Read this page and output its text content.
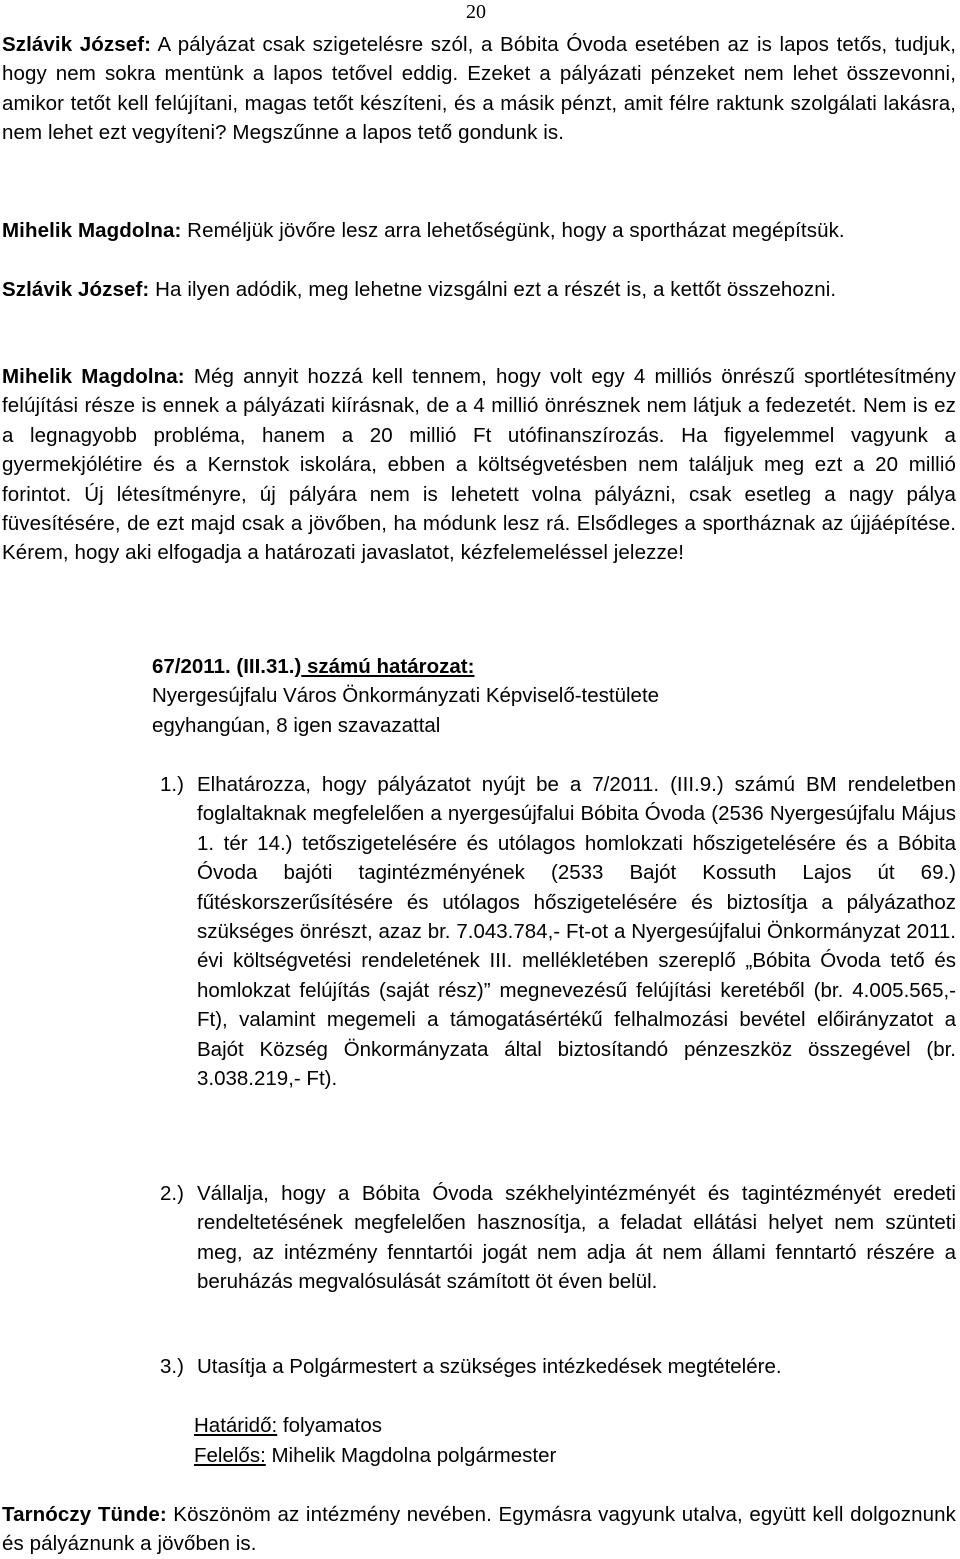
20
Szlávik József: A pályázat csak szigetelésre szól, a Bóbita Óvoda esetében az is lapos tetős, tudjuk, hogy nem sokra mentünk a lapos tetővel eddig. Ezeket a pályázati pénzeket nem lehet összevonni, amikor tetőt kell felújítani, magas tetőt készíteni, és a másik pénzt, amit félre raktunk szolgálati lakásra, nem lehet ezt vegyíteni? Megszűnne a lapos tető gondunk is.
Mihelik Magdolna: Reméljük jövőre lesz arra lehetőségünk, hogy a sportházat megépítsük.
Szlávik József: Ha ilyen adódik, meg lehetne vizsgálni ezt a részét is, a kettőt összehozni.
Mihelik Magdolna: Még annyit hozzá kell tennem, hogy volt egy 4 milliós önrészű sportlétesítmény felújítási része is ennek a pályázati kiírásnak, de a 4 millió önrésznek nem látjuk a fedezetét. Nem is ez a legnagyobb probléma, hanem a 20 millió Ft utófinanszírozás. Ha figyelemmel vagyunk a gyermekjólétire és a Kernstok iskolára, ebben a költségvetésben nem találjuk meg ezt a 20 millió forintot. Új létesítményre, új pályára nem is lehetett volna pályázni, csak esetleg a nagy pálya füvesítésére, de ezt majd csak a jövőben, ha módunk lesz rá. Elsődleges a sportháznak az újjáépítése. Kérem, hogy aki elfogadja a határozati javaslatot, kézfelemeléssel jelezze!
67/2011. (III.31.) számú határozat:
Nyergesújfalu Város Önkormányzati Képviselő-testülete
egyhangúan, 8 igen szavazattal
1.) Elhatározza, hogy pályázatot nyújt be a 7/2011. (III.9.) számú BM rendeletben foglaltaknak megfelelően a nyergesújfalui Bóbita Óvoda (2536 Nyergesújfalu Május 1. tér 14.) tetőszigetelésére és utólagos homlokzati hőszigetelésére és a Bóbita Óvoda bajóti tagintézményének (2533 Bajót Kossuth Lajos út 69.) fűtéskorszerűsítésére és utólagos hőszigetelésére és biztosítja a pályázathoz szükséges önrészt, azaz br. 7.043.784,- Ft-ot a Nyergesújfalui Önkormányzat 2011. évi költségvetési rendeletének III. mellékletében szereplő „Bóbita Óvoda tető és homlokzat felújítás (saját rész)” megnevezésű felújítási keretéből (br. 4.005.565,- Ft), valamint megemeli a támogatásértékű felhalmozási bevétel előirányzatot a Bajót Község Önkormányzata által biztosítandó pénzeszköz összegével (br. 3.038.219,- Ft).
2.) Vállalja, hogy a Bóbita Óvoda székhelyintézményét és tagintézményét eredeti rendeltetésének megfelelően hasznosítja, a feladat ellátási helyet nem szünteti meg, az intézmény fenntartói jogát nem adja át nem állami fenntartó részére a beruházás megvalósulását számított öt éven belül.
3.) Utasítja a Polgármestert a szükséges intézkedések megtételére.
Határidő: folyamatos
Felelős: Mihelik Magdolna polgármester
Tarnóczy Tünde: Köszönöm az intézmény nevében. Egymásra vagyunk utalva, együtt kell dolgoznunk és pályáznunk a jövőben is.
